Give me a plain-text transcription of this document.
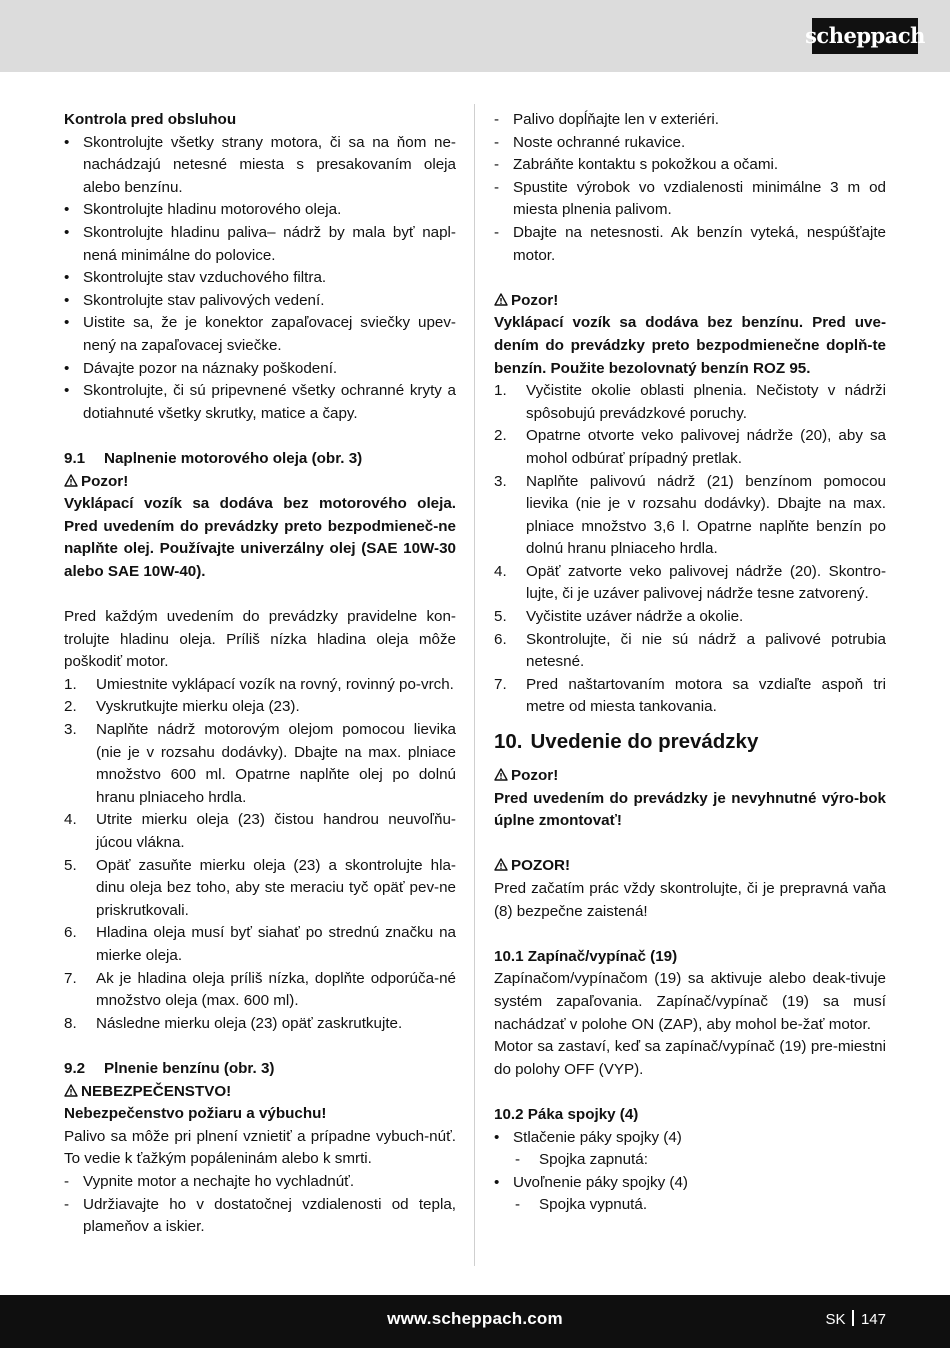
scheppach

Kontrola pred obsluhou

• Skontrolujte všetky strany motora, či sa na ňom ne-nachádzajú netesné miesta s presakovaním oleja alebo benzínu.
• Skontrolujte hladinu motorového oleja.
• Skontrolujte hladinu paliva– nádrž by mala byť napl-nená minimálne do polovice.
• Skontrolujte stav vzduchového filtra.
• Skontrolujte stav palivových vedení.
• Uistite sa, že je konektor zapaľovacej sviečky upev-nený na zapaľovacej sviečke.
• Dávajte pozor na náznaky poškodení.
• Skontrolujte, či sú pripevnené všetky ochranné kryty a dotiahnuté všetky skrutky, matice a čapy.

9.1 Naplnenie motorového oleja (obr. 3)

Pozor!

Vyklápací vozík sa dodáva bez motorového oleja. Pred uvedením do prevádzky preto bezpodmieneč-ne naplňte olej. Používajte univerzálny olej (SAE 10W-30 alebo SAE 10W-40).

Pred každým uvedením do prevádzky pravidelne kon-trolujte hladinu oleja. Príliš nízka hladina oleja môže poškodiť motor.

1. Umiestnite vyklápací vozík na rovný, rovinný po-vrch.
2. Vyskrutkujte mierku oleja (23).
3. Naplňte nádrž motorovým olejom pomocou lievika (nie je v rozsahu dodávky). Dbajte na max. plniace množstvo 600 ml. Opatrne naplňte olej po dolnú hranu plniaceho hrdla.
4. Utrite mierku oleja (23) čistou handrou neuvoľňu-júcou vlákna.
5. Opäť zasuňte mierku oleja (23) a skontrolujte hla-dinu oleja bez toho, aby ste meraciu tyč opäť pev-ne priskrutkovali.
6. Hladina oleja musí byť siahať po strednú značku na mierke oleja.
7. Ak je hladina oleja príliš nízka, doplňte odporúča-né množstvo oleja (max. 600 ml).
8. Následne mierku oleja (23) opäť zaskrutkujte.

9.2 Plnenie benzínu (obr. 3)

NEBEZPEČENSTVO!

Nebezpečenstvo požiaru a výbuchu!

Palivo sa môže pri plnení vznietiť a prípadne vybuch-núť. To vedie k ťažkým popáleninám alebo k smrti.

- Vypnite motor a nechajte ho vychladnúť.
- Udržiavajte ho v dostatočnej vzdialenosti od tepla, plameňov a iskier.
- Palivo dopĺňajte len v exteriéri.
- Noste ochranné rukavice.
- Zabráňte kontaktu s pokožkou a očami.
- Spustite výrobok vo vzdialenosti minimálne 3 m od miesta plnenia palivom.
- Dbajte na netesnosti. Ak benzín vyteká, nespúšťajte motor.

Pozor!

Vyklápací vozík sa dodáva bez benzínu. Pred uve-dením do prevádzky preto bezpodmienečne doplň-te benzín. Použite bezolovnatý benzín ROZ 95.

1. Vyčistite okolie oblasti plnenia. Nečistoty v nádrži spôsobujú prevádzkové poruchy.
2. Opatrne otvorte veko palivovej nádrže (20), aby sa mohol odbúrať prípadný pretlak.
3. Naplňte palivovú nádrž (21) benzínom pomocou lievika (nie je v rozsahu dodávky). Dbajte na max. plniace množstvo 3,6 l. Opatrne naplňte benzín po dolnú hranu plniaceho hrdla.
4. Opäť zatvorte veko palivovej nádrže (20). Skontro-lujte, či je uzáver palivovej nádrže tesne zatvorený.
5. Vyčistite uzáver nádrže a okolie.
6. Skontrolujte, či nie sú nádrž a palivové potrubia netesné.
7. Pred naštartovaním motora sa vzdiaľte aspoň tri metre od miesta tankovania.

10. Uvedenie do prevádzky

Pozor!

Pred uvedením do prevádzky je nevyhnutné výro-bok úplne zmontovať!

POZOR!

Pred začatím prác vždy skontrolujte, či je prepravná vaňa (8) bezpečne zaistená!

10.1 Zapínač/vypínač (19)

Zapínačom/vypínačom (19) sa aktivuje alebo deak-tivuje systém zapaľovania. Zapínač/vypínač (19) sa musí nachádzať v polohe ON (ZAP), aby mohol be-žať motor.

Motor sa zastaví, keď sa zapínač/vypínač (19) pre-miestni do polohy OFF (VYP).

10.2 Páka spojky (4)

• Stlačenie páky spojky (4)
- Spojka zapnutá:
• Uvoľnenie páky spojky (4)
- Spojka vypnutá.
www.scheppach.com	SK 147
